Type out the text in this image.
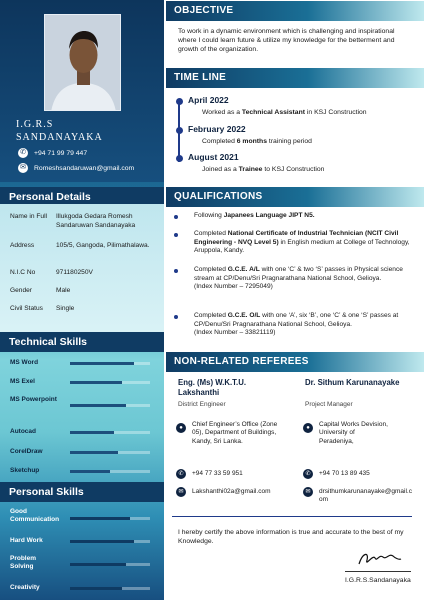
I.G.R.S
SANDANAYAKA
✆	+94 71 99 79 447
✉	Romeshsandaruwan@gmail.com
Personal Details
Name in Full	Illukgoda Gedara Romesh Sandaruwan Sandanayaka
Address	105/5, Gangoda, Pilimathalawa.
N.I.C No	971180250V
Gender	Male
Civil Status	Single
Technical Skills
MS Word
MS Exel
MS Powerpoint
Autocad
CorelDraw
Sketchup
Personal Skills
Good Communication
Hard Work
Problem Solving
Creativity
OBJECTIVE
To work in a dynamic environment which is challenging and inspirational where I could learn future & utilize my knowledge for the betterment and growth of the organization.
TIME LINE
April 2022
Worked as a Technical Assistant in KSJ Construction
February 2022
Completed 6 months training period
August 2021
Joined as a Trainee to KSJ Construction
QUALIFICATIONS
Following Japanees Language JIPT N5.
Completed National Certificate of Industrial Technician (NCIT Civil Engineering - NVQ Level 5) in English medium at College of Technology, Aruppola, Kandy.
Completed G.C.E. A/L with one ‘C’ & two ‘S’ passes in Physical science stream at CP/Denu/Sri Pragnarathana National School, Gelioya.
(Index Number – 7295049)
Completed G.C.E. O/L with one ‘A’, six ‘B’, one ‘C’ & one ‘S’ passes at CP/Denu/Sri Pragnarathana National School, Gelioya.
(Index Number – 33821119)
NON-RELATED REFEREES
Eng. (Ms) W.K.T.U. Lakshanthi
District Engineer
●	Chief Engineer’s Office (Zone 05), Department of Buildings, Kandy, Sri Lanka.
✆	+94 77 33 59 951
✉	Lakshanthi02a@gmail.com
Dr. Sithum Karunanayake
Project Manager
●	Capital Works Devision, University of Peradeniya,
✆	+94 70 13 89 435
✉	drsithumkarunanayake@gmail.com
I hereby certify the above information is true and accurate to the best of my Knowledge.
I.G.R.S.Sandanayaka
